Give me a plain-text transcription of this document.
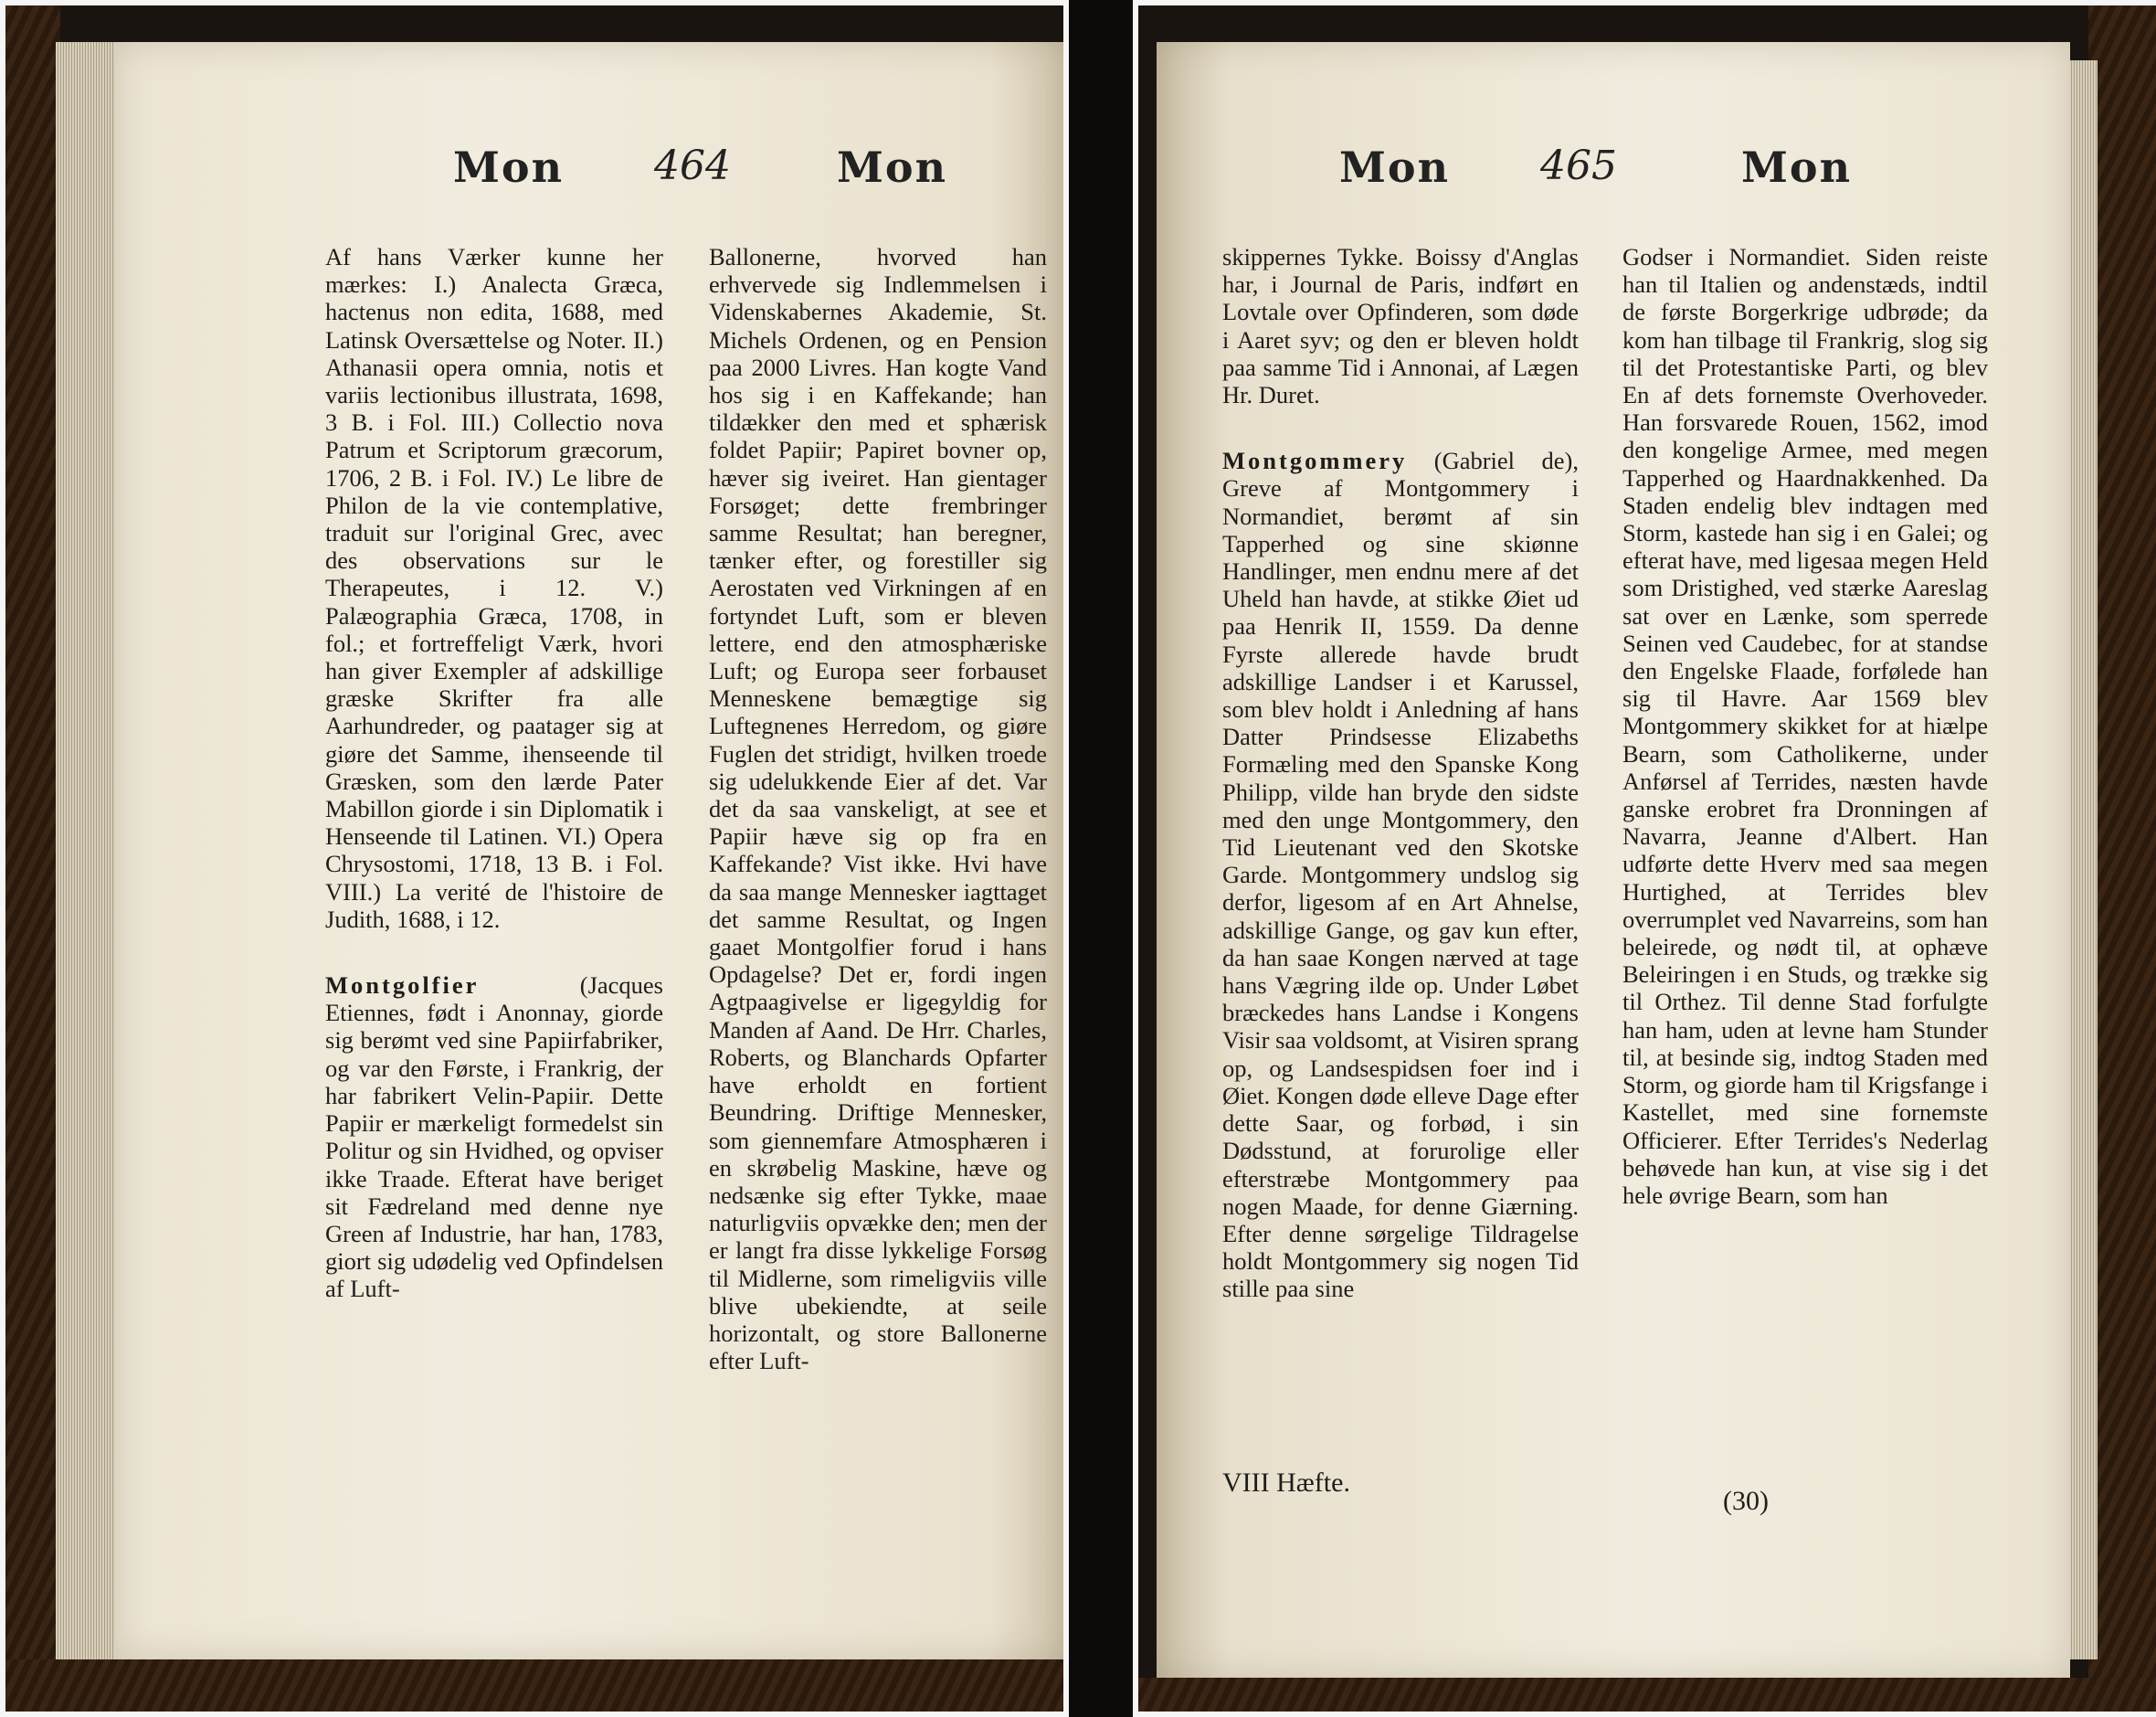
Mon 464	Mon

Af hans Værker kunne her mærkes: I.) Analecta Græca, hactenus non edita, 1688, med Latinsk Oversættelse og Noter. II.) Athanasii opera omnia, notis et variis lectionibus illustrata, 1698, 3 B. i Fol. III.) Collectio nova Patrum et Scriptorum græcorum, 1706, 2 B. i Fol. IV.) Le libre de Philon de la vie contemplative, traduit sur l'original Grec, avec des observations sur le Therapeutes, i 12. V.) Palæographia Græca, 1708, in fol.; et fortreffeligt Værk, hvori han giver Exempler af adskillige græske Skrifter fra alle Aarhundreder, og paatager sig at giøre det Samme, ihenseende til Græsken, som den lærde Pater Mabillon giorde i sin Diplomatik i Henseende til Latinen. VI.) Opera Chrysostomi, 1718, 13 B. i Fol. VIII.) La verité de l'histoire de Judith, 1688, i 12.

Montgolfier	(Jacques Etiennes, født i Anonnay, giorde sig berømt ved sine Papiirfabriker, og var den Første, i Frankrig, der har fabrikert Velin-Papiir. Dette Papiir er mærkeligt formedelst sin Politur og sin Hvidhed, og opviser ikke Traade. Efterat have beriget sit Fædreland med denne nye Green af Industrie, har han, 1783, giort sig udødelig ved Opfindelsen af Luft-

Ballonerne, hvorved han erhvervede sig Indlemmelsen i Videnskabernes Akademie, St. Michels Ordenen, og en Pension paa 2000 Livres. Han kogte Vand hos sig i en Kaffekande; han tildækker den med et sphærisk foldet Papiir; Papiret bovner op, hæver sig iveiret. Han gientager Forsøget; dette frembringer samme Resultat; han beregner, tænker efter, og forestiller sig Aerostaten ved Virkningen af en fortyndet Luft, som er bleven lettere, end den atmosphæriske Luft; og Europa seer forbauset Menneskene bemægtige sig Luftegnenes Herredom, og giøre Fuglen det stridigt, hvilken troede sig udelukkende Eier af det. Var det da saa vanskeligt, at see et Papiir hæve sig op fra en Kaffekande? Vist ikke. Hvi have da saa mange Mennesker iagttaget det samme Resultat, og Ingen gaaet Montgolfier forud i hans Opdagelse? Det er, fordi ingen Agtpaagivelse er ligegyldig for Manden af Aand. De Hrr. Charles, Roberts, og Blanchards Opfarter have erholdt en fortient Beundring. Driftige Mennesker, som giennemfare Atmosphæren i en skrøbelig Maskine, hæve og nedsænke sig efter Tykke, maae naturligviis opvække den; men der er langt fra disse lykkelige Forsøg til Midlerne, som rimeligviis ville blive ubekiendte, at seile horizontalt, og store Ballonerne efter Luft-

Mon 465	Mon

skippernes Tykke. Boissy d'Anglas har, i Journal de Paris, indført en Lovtale over Opfinderen, som døde i Aaret syv; og den er bleven holdt paa samme Tid i Annonai, af Lægen Hr. Duret.

Montgommery (Gabriel de), Greve af Montgommery i Normandiet, berømt af sin Tapperhed og sine skiønne Handlinger, men endnu mere af det Uheld han havde, at stikke Øiet ud paa Henrik II, 1559. Da denne Fyrste allerede havde brudt adskillige Landser i et Karussel, som blev holdt i Anledning af hans Datter Prindsesse Elizabeths Formæling med den Spanske Kong Philipp, vilde han bryde den sidste med den unge Montgommery, den Tid Lieutenant ved den Skotske Garde. Montgommery undslog sig derfor, ligesom af en Art Ahnelse, adskillige Gange, og gav kun efter, da han saae Kongen nærved at tage hans Vægring ilde op. Under Løbet bræckedes hans Landse i Kongens Visir saa voldsomt, at Visiren sprang op, og Landsespidsen foer ind i Øiet. Kongen døde elleve Dage efter dette Saar, og forbød, i sin Dødsstund, at forurolige eller efterstræbe Montgommery paa nogen Maade, for denne Giærning. Efter denne sørgelige Tildragelse holdt Montgommery sig nogen Tid stille paa sine

Godser i Normandiet. Siden reiste han til Italien og andenstæds, indtil de første Borgerkrige udbrøde; da kom han tilbage til Frankrig, slog sig til det Protestantiske Parti, og blev En af dets fornemste Overhoveder. Han forsvarede Rouen, 1562, imod den kongelige Armee, med megen Tapperhed og Haardnakkenhed. Da Staden endelig blev indtagen med Storm, kastede han sig i en Galei; og efterat have, med ligesaa megen Held som Dristighed, ved stærke Aareslag sat over en Lænke, som sperrede Seinen ved Caudebec, for at standse den Engelske Flaade, forfølede han sig til Havre. Aar 1569 blev Montgommery skikket for at hiælpe Bearn, som Catholikerne, under Anførsel af Terrides, næsten havde ganske erobret fra Dronningen af Navarra, Jeanne d'Albert. Han udførte dette Hverv med saa megen Hurtighed, at Terrides blev overrumplet ved Navarreins, som han beleirede, og nødt til, at ophæve Beleiringen i en Studs, og trække sig til Orthez. Til denne Stad forfulgte han ham, uden at levne ham Stunder til, at besinde sig, indtog Staden med Storm, og giorde ham til Krigsfange i Kastellet, med sine fornemste Officierer. Efter Terrides's Nederlag behøvede han kun, at vise sig i det hele øvrige Bearn, som han

VIII Hæfte.
(30)
